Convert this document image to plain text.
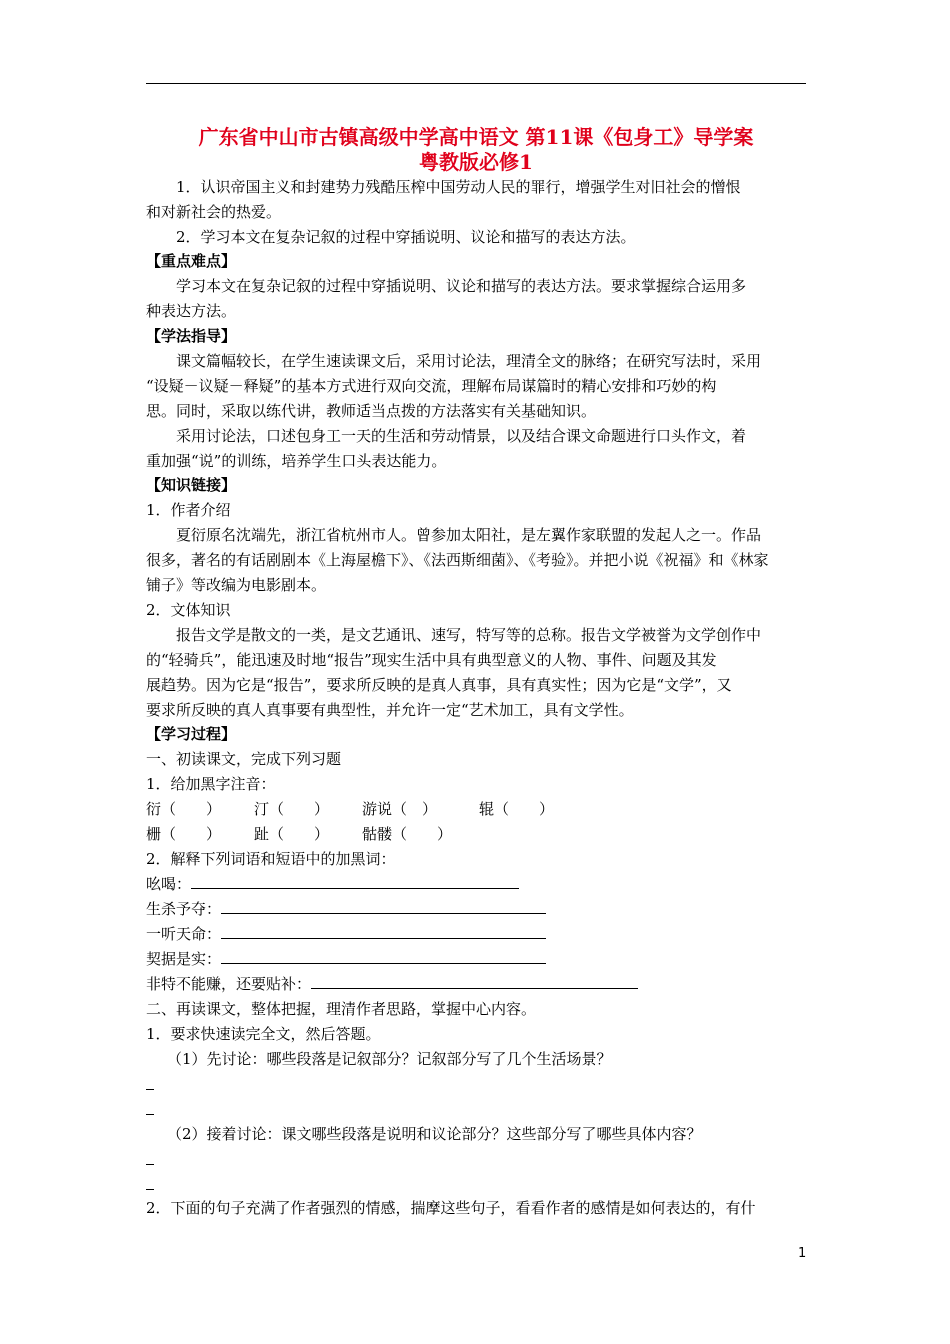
广东省中山市古镇高级中学高中语文 第11课《包身工》导学案
粤教版必修1
1．认识帝国主义和封建势力残酷压榨中国劳动人民的罪行，增强学生对旧社会的憎恨
和对新社会的热爱。
2．学习本文在复杂记叙的过程中穿插说明、议论和描写的表达方法。
【重点难点】
学习本文在复杂记叙的过程中穿插说明、议论和描写的表达方法。要求掌握综合运用多
种表达方法。
【学法指导】
课文篇幅较长，在学生速读课文后，采用讨论法，理清全文的脉络；在研究写法时，采用
“设疑－议疑－释疑”的基本方式进行双向交流，理解布局谋篇时的精心安排和巧妙的构
思。同时，采取以练代讲，教师适当点拨的方法落实有关基础知识。
采用讨论法，口述包身工一天的生活和劳动情景，以及结合课文命题进行口头作文，着
重加强“说”的训练，培养学生口头表达能力。
【知识链接】
1．作者介绍
夏衍原名沈端先，浙江省杭州市人。曾参加太阳社，是左翼作家联盟的发起人之一。作品
很多，著名的有话剧剧本《上海屋檐下》、《法西斯细菌》、《考验》。并把小说《祝福》和《林家
铺子》等改编为电影剧本。
2．文体知识
报告文学是散文的一类，是文艺通讯、速写，特写等的总称。报告文学被誉为文学创作中
的“轻骑兵”，能迅速及时地“报告”现实生活中具有典型意义的人物、事件、问题及其发
展趋势。因为它是“报告”，要求所反映的是真人真事，具有真实性；因为它是“文学”，又
要求所反映的真人真事要有典型性，并允许一定“艺术加工，具有文学性。
【学习过程】
一、初读课文，完成下列习题
1．给加黑字注音：
衍（　　） 汀（　　） 游说（　）	辊（　　）
栅（　　） 趾（　　） 骷髅（　　）
2．解释下列词语和短语中的加黑词：
吆喝：
生杀予夺：
一听天命：
契据是实：
非特不能赚，还要贴补：
二、再读课文，整体把握，理清作者思路，掌握中心内容。
1．要求快速读完全文，然后答题。
（1）先讨论：哪些段落是记叙部分？记叙部分写了几个生活场景？
（2）接着讨论：课文哪些段落是说明和议论部分？这些部分写了哪些具体内容？
2．下面的句子充满了作者强烈的情感，揣摩这些句子，看看作者的感情是如何表达的，有什
1
